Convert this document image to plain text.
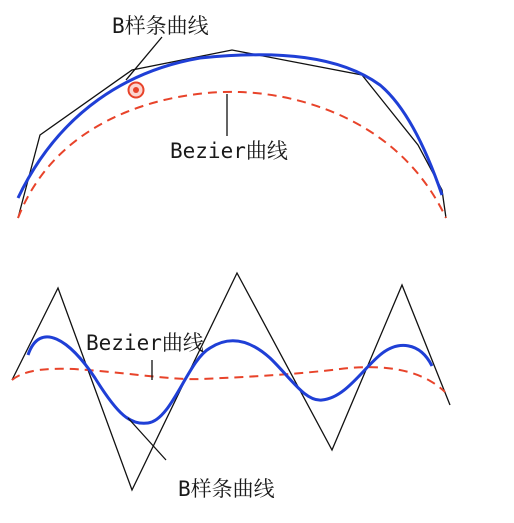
B样条曲线
Bezier曲线
Bezier曲线
B样条曲线
